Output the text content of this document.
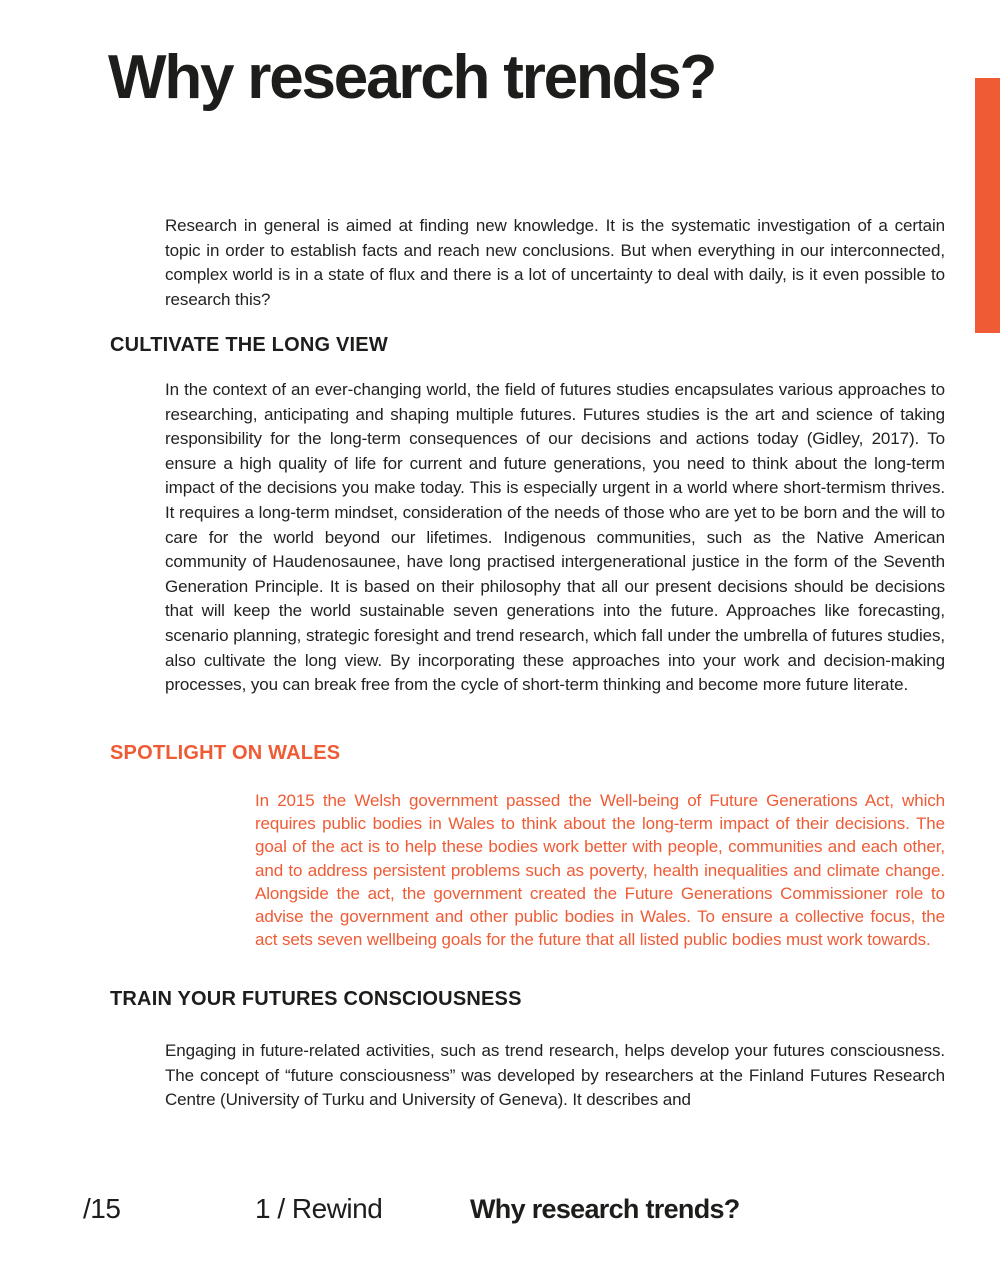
Why research trends?

Research in general is aimed at finding new knowledge. It is the systematic investigation of a certain topic in order to establish facts and reach new conclusions. But when everything in our interconnected, complex world is in a state of flux and there is a lot of uncertainty to deal with daily, is it even possible to research this?

CULTIVATE THE LONG VIEW

In the context of an ever-changing world, the field of futures studies encapsulates various approaches to researching, anticipating and shaping multiple futures. Futures studies is the art and science of taking responsibility for the long-term consequences of our decisions and actions today (Gidley, 2017). To ensure a high quality of life for current and future generations, you need to think about the long-term impact of the decisions you make today. This is especially urgent in a world where short-termism thrives. It requires a long-term mindset, consideration of the needs of those who are yet to be born and the will to care for the world beyond our lifetimes. Indigenous communities, such as the Native American community of Haudenosaunee, have long practised intergenerational justice in the form of the Seventh Generation Principle. It is based on their philosophy that all our present decisions should be decisions that will keep the world sustainable seven generations into the future. Approaches like forecasting, scenario planning, strategic foresight and trend research, which fall under the umbrella of futures studies, also cultivate the long view. By incorporating these approaches into your work and decision-making processes, you can break free from the cycle of short-term thinking and become more future literate.

SPOTLIGHT ON WALES

In 2015 the Welsh government passed the Well-being of Future Generations Act, which requires public bodies in Wales to think about the long-term impact of their decisions. The goal of the act is to help these bodies work better with people, communities and each other, and to address persistent problems such as poverty, health inequalities and climate change. Alongside the act, the government created the Future Generations Commissioner role to advise the government and other public bodies in Wales. To ensure a collective focus, the act sets seven wellbeing goals for the future that all listed public bodies must work towards.

TRAIN YOUR FUTURES CONSCIOUSNESS

Engaging in future-related activities, such as trend research, helps develop your futures consciousness. The concept of “future consciousness” was developed by researchers at the Finland Futures Research Centre (University of Turku and University of Geneva). It describes and

/15	1 / Rewind	Why research trends?
